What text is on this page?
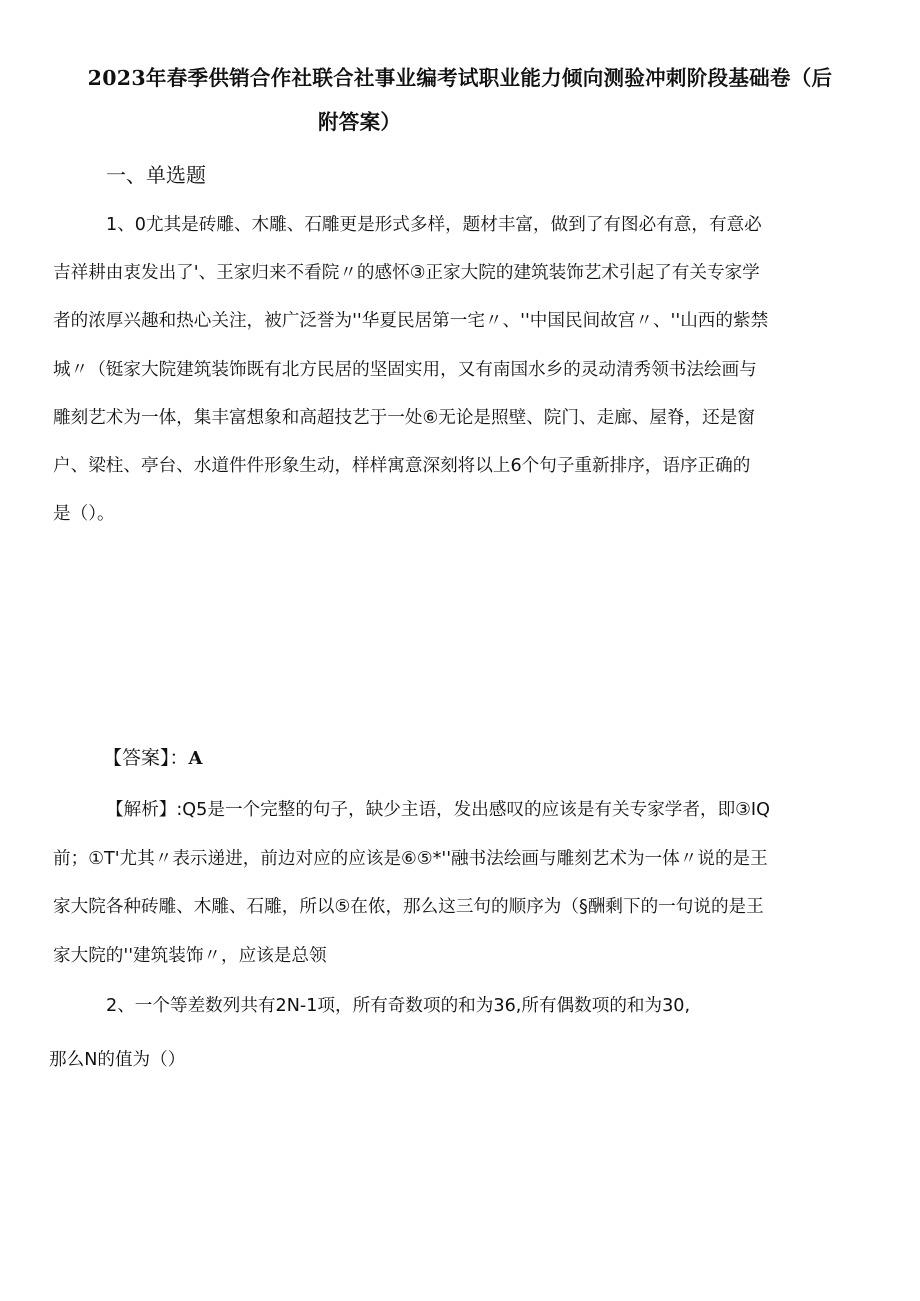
2023年春季供销合作社联合社事业编考试职业能力倾向测验冲刺阶段基础卷（后
附答案）
一、单选题

1、0尤其是砖雕、木雕、石雕更是形式多样，题材丰富，做到了有图必有意，有意必
吉祥耕由衷发出了'、王家归来不看院〃的感怀③正家大院的建筑装饰艺术引起了有关专家学
者的浓厚兴趣和热心关注，被广泛誉为''华夏民居第一宅〃、''中国民间故宫〃、''山西的紫禁
城〃（铤家大院建筑装饰既有北方民居的坚固实用，又有南国水乡的灵动清秀领书法绘画与
雕刻艺术为一体，集丰富想象和高超技艺于一处⑥无论是照壁、院门、走廊、屋脊，还是窗
户、梁柱、亭台、水道件件形象生动，样样寓意深刻将以上6个句子重新排序，语序正确的
是（）。

【答案】：A

【解析】:Q5是一个完整的句子，缺少主语，发出感叹的应该是有关专家学者，即③IQ
前；①T'尤其〃表示递进，前边对应的应该是⑥⑤*''融书法绘画与雕刻艺术为一体〃说的是王
家大院各种砖雕、木雕、石雕，所以⑤在侬，那么这三句的顺序为（§酬剩下的一句说的是王
家大院的''建筑装饰〃，应该是总领

2、一个等差数列共有2N-1项，所有奇数项的和为36,所有偶数项的和为30,

那么N的值为（）
